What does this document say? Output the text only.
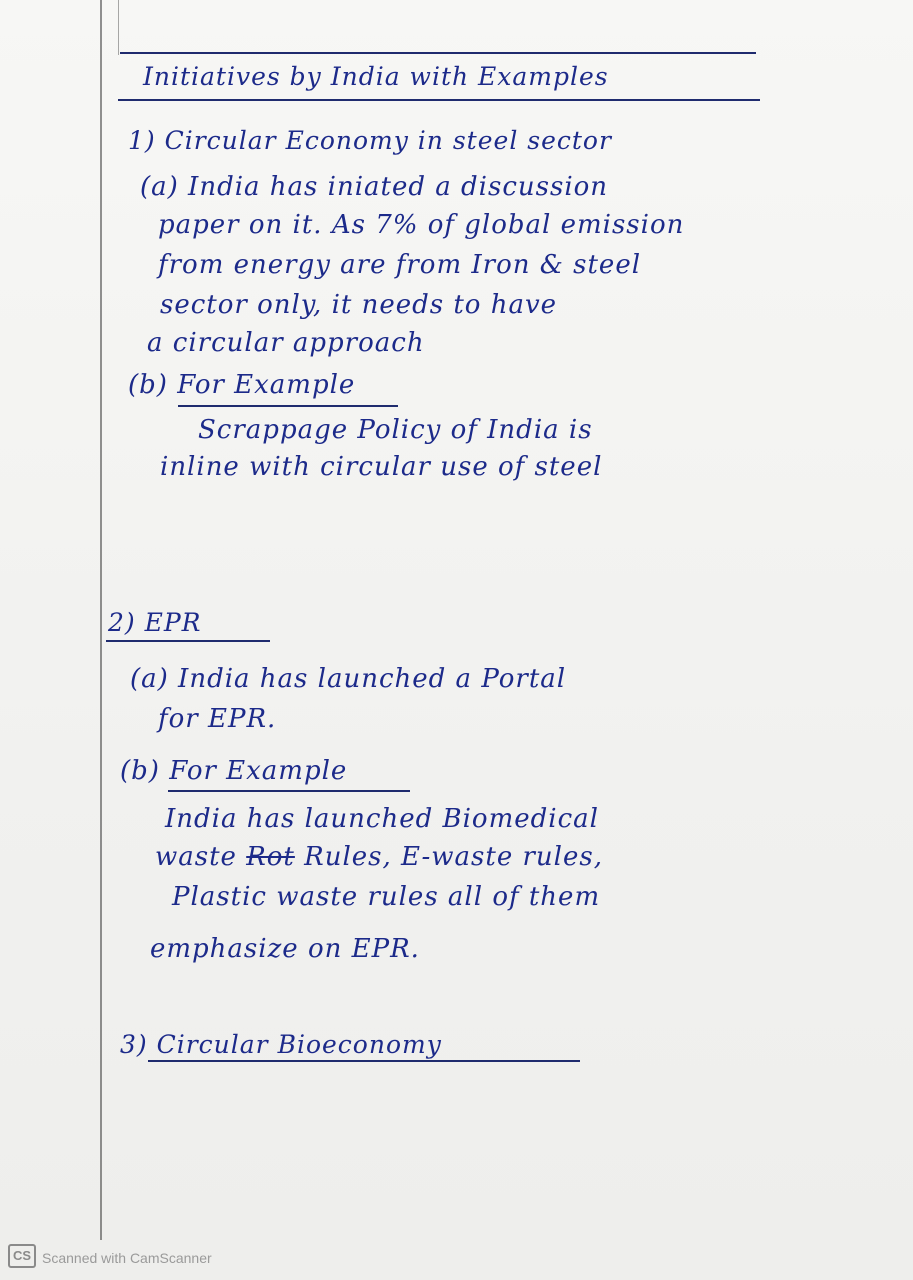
Initiatives by India with Examples
1) Circular Economy in steel sector
(a) India has iniated a discussion
paper on it. As 7% of global emission
from energy are from Iron & steel
sector only, it needs to have
a circular approach
(b) For Example
Scrappage Policy of India is
inline with circular use of steel
2) EPR
(a) India has launched a Portal
for EPR.
(b) For Example
India has launched Biomedical
waste Rot Rules, E-waste rules,
Plastic waste rules all of them
emphasize on EPR.
3) Circular Bioeconomy
CS Scanned with CamScanner
